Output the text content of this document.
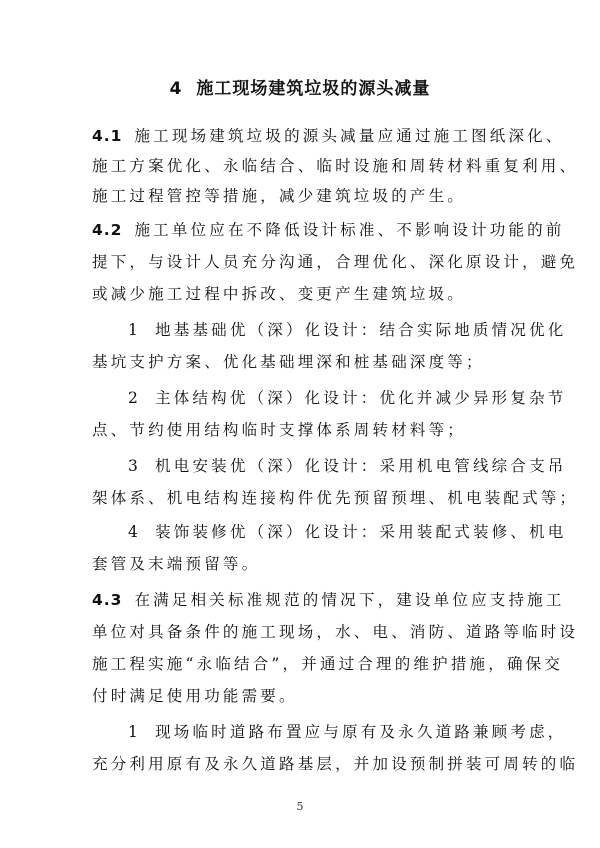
4 施工现场建筑垃圾的源头减量
4.1 施工现场建筑垃圾的源头减量应通过施工图纸深化、
施工方案优化、永临结合、临时设施和周转材料重复利用、
施工过程管控等措施，减少建筑垃圾的产生。
4.2 施工单位应在不降低设计标准、不影响设计功能的前
提下，与设计人员充分沟通，合理优化、深化原设计，避免
或减少施工过程中拆改、变更产生建筑垃圾。
1 地基基础优（深）化设计：结合实际地质情况优化
基坑支护方案、优化基础埋深和桩基础深度等；
2 主体结构优（深）化设计：优化并减少异形复杂节
点、节约使用结构临时支撑体系周转材料等；
3 机电安装优（深）化设计：采用机电管线综合支吊
架体系、机电结构连接构件优先预留预埋、机电装配式等；
4 装饰装修优（深）化设计：采用装配式装修、机电
套管及末端预留等。
4.3 在满足相关标准规范的情况下，建设单位应支持施工
单位对具备条件的施工现场，水、电、消防、道路等临时设
施工程实施“永临结合”，并通过合理的维护措施，确保交
付时满足使用功能需要。
1 现场临时道路布置应与原有及永久道路兼顾考虑，
充分利用原有及永久道路基层，并加设预制拼装可周转的临
5
